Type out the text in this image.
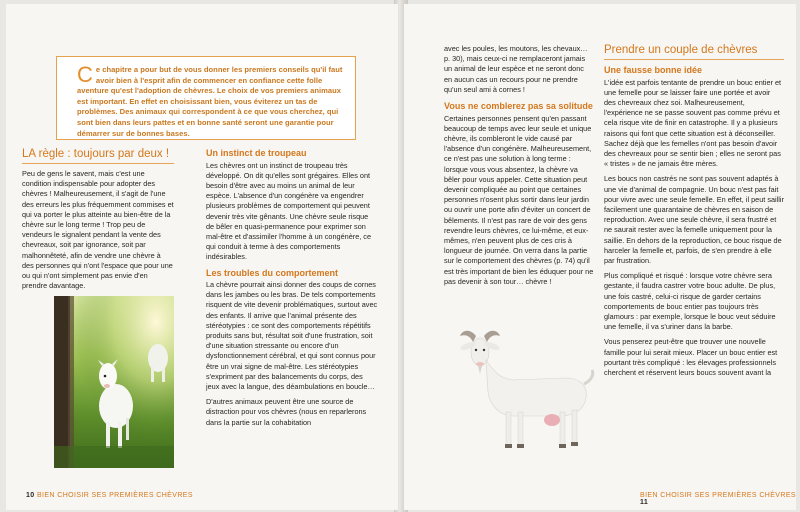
Ce chapitre a pour but de vous donner les premiers conseils qu'il faut avoir bien à l'esprit afin de commencer en confiance cette folle aventure qu'est l'adoption de chèvres. Le choix de vos premiers animaux est important. En effet en choisissant bien, vous éviterez un tas de problèmes. Des animaux qui correspondent à ce que vous cherchez, qui sont bien dans leurs pattes et en bonne santé seront une garantie pour démarrer sur de bonnes bases.

LA règle : toujours par deux !

Peu de gens le savent, mais c'est une condition indispensable pour adopter des chèvres ! Malheureusement, il s'agit de l'une des erreurs les plus fréquemment commises et qui va porter le plus atteinte au bien-être de la chèvre sur le long terme ! Trop peu de vendeurs le signalent pendant la vente des chevreaux, soit par ignorance, soit par malhonnêteté, afin de vendre une chèvre à des personnes qui n'ont l'espace que pour une ou qui n'ont simplement pas envie d'en prendre davantage.

Un instinct de troupeau

Les chèvres ont un instinct de troupeau très développé. On dit qu'elles sont grégaires. Elles ont besoin d'être avec au moins un animal de leur espèce. L'absence d'un congénère va engendrer plusieurs problèmes de comportement qui peuvent devenir très vite gênants. Une chèvre seule risque de bêler en quasi-permanence pour exprimer son mal-être et d'assimiler l'homme à un congénère, ce qui conduit à terme à des comportements indésirables.

Les troubles du comportement

La chèvre pourrait ainsi donner des coups de cornes dans les jambes ou les bras. De tels comportements risquent de vite devenir problématiques, surtout avec des enfants. Il arrive que l'animal présente des stéréotypies : ce sont des comportements répétitifs produits sans but, résultat soit d'une frustration, soit d'une situation stressante ou encore d'un dysfonctionnement cérébral, et qui sont connus pour être un vrai signe de mal-être. Les stéréotypies s'expriment par des balancements du corps, des jeux avec la langue, des déambulations en boucle…

D'autres animaux peuvent être une source de distraction pour vos chèvres (nous en reparlerons dans la partie sur la cohabitation

10 BIEN CHOISIR SES PREMIÈRES CHÈVRES

avec les poules, les moutons, les chevaux… p. 30), mais ceux-ci ne remplaceront jamais un animal de leur espèce et ne seront donc en aucun cas un recours pour ne prendre qu'un seul ami à cornes !

Vous ne comblerez pas sa solitude

Certaines personnes pensent qu'en passant beaucoup de temps avec leur seule et unique chèvre, ils combleront le vide causé par l'absence d'un congénère. Malheureusement, ce n'est pas une solution à long terme : lorsque vous vous absentez, la chèvre va bêler pour vous appeler. Cette situation peut devenir compliquée au point que certaines personnes n'osent plus sortir dans leur jardin ou ouvrir une porte afin d'éviter un concert de bêlements. Il n'est pas rare de voir des gens revendre leurs chèvres, ce lui-même, et eux-mêmes, n'en peuvent plus de ces cris à longueur de journée. On verra dans la partie sur le comportement des chèvres (p. 74) qu'il est très important de bien les éduquer pour ne pas devenir à son tour… chèvre !

Prendre un couple de chèvres
Une fausse bonne idée

L'idée est parfois tentante de prendre un bouc entier et une femelle pour se laisser faire une portée et avoir des chevreaux chez soi. Malheureusement, l'expérience ne se passe souvent pas comme prévu et cela risque vite de finir en catastrophe. Il y a plusieurs raisons qui font que cette situation est à déconseiller. Sachez déjà que les femelles n'ont pas besoin d'avoir des chevreaux pour se sentir bien ; elles ne seront pas « tristes » de ne jamais être mères.

Les boucs non castrés ne sont pas souvent adaptés à une vie d'animal de compagnie. Un bouc n'est pas fait pour vivre avec une seule femelle. En effet, il peut saillir facilement une quarantaine de chèvres en saison de reproduction. Avec une seule chèvre, il sera frustré et ne saurait rester avec la femelle uniquement pour la saillie. En dehors de la reproduction, ce bouc risque de harceler la femelle et, parfois, de s'en prendre à elle par frustration.

Plus compliqué et risqué : lorsque votre chèvre sera gestante, il faudra castrer votre bouc adulte. De plus, une fois castré, celui-ci risque de garder certains comportements de bouc entier pas toujours très glamours : par exemple, lorsque le bouc veut séduire une femelle, il va s'uriner dans la barbe.

Vous penserez peut-être que trouver une nouvelle famille pour lui serait mieux. Placer un bouc entier est pourtant très compliqué : les élevages professionnels cherchent et réservent leurs boucs souvent avant la

BIEN CHOISIR SES PREMIÈRES CHÈVRES 11
